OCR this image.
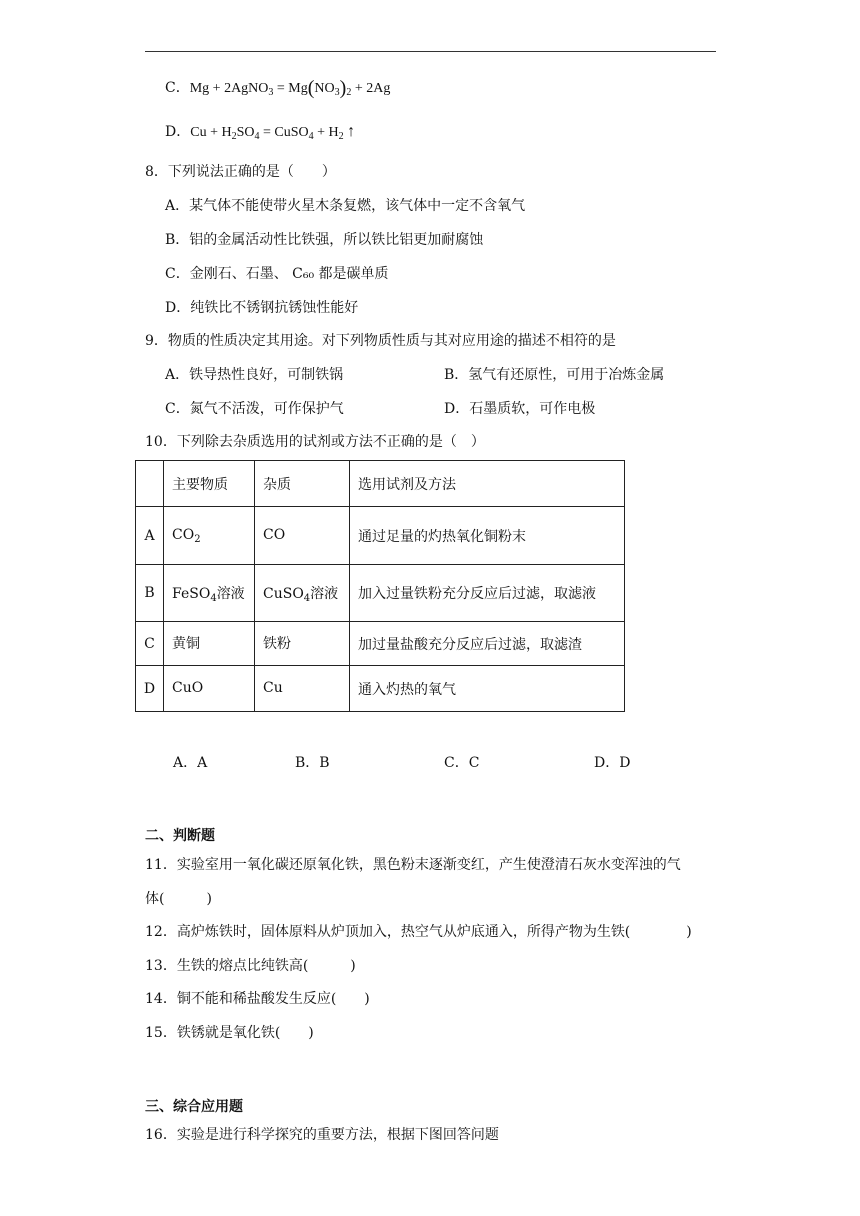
C．Mg + 2AgNO$_3$ = $Mg(NO_3)_2 + 2Ag$
D．$Cu + H_2SO_4$ = CuSO$_4$ + $H_2$ ↑
8．下列说法正确的是（　　）
A．某气体不能使带火星木条复燃，该气体中一定不含氧气
B．铝的金属活动性比铁强，所以铁比铝更加耐腐蚀
C．金刚石、石墨、 C₆₀ 都是碳单质
D．纯铁比不锈钢抗锈蚀性能好
9．物质的性质决定其用途。对下列物质性质与其对应用途的描述不相符的是
A．铁导热性良好，可制铁锅	B．氢气有还原性，可用于冶炼金属
C．氮气不活泼，可作保护气	D．石墨质软，可作电极
10．下列除去杂质选用的试剂或方法不正确的是（　）
	主要物质	杂质	选用试剂及方法
A	$CO_2$	CO	通过足量的灼热氧化铜粉末
B	FeSO$_4$溶液	CuSO$_4$溶液	加入过量铁粉充分反应后过滤，取滤液
C	黄铜	铁粉	加过量盐酸充分反应后过滤，取滤渣
D	CuO	Cu	通入灼热的氧气
A．A	B．B	C．C	D．D
二、判断题
11．实验室用一氧化碳还原氧化铁，黑色粉末逐渐变红，产生使澄清石灰水变浑浊的气
体(　　　)
12．高炉炼铁时，固体原料从炉顶加入，热空气从炉底通入，所得产物为生铁(　　　　)
13．生铁的熔点比纯铁高(　　　)
14．铜不能和稀盐酸发生反应(　　)
15．铁锈就是氧化铁(　　)
三、综合应用题
16．实验是进行科学探究的重要方法，根据下图回答问题
